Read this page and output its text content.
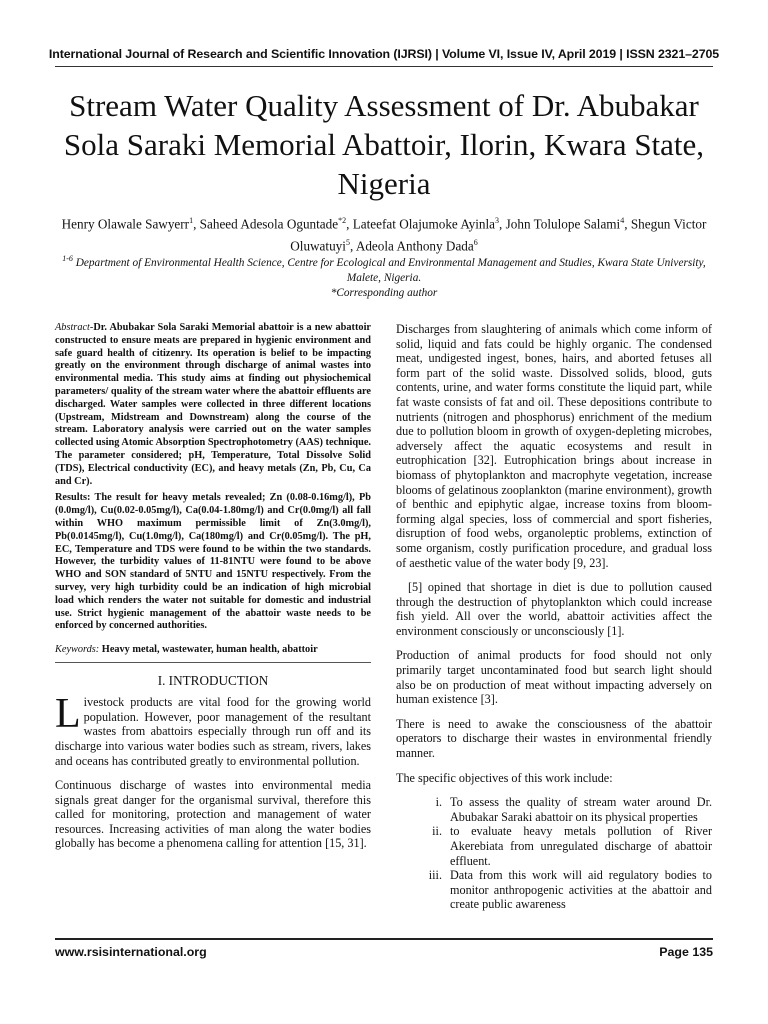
International Journal of Research and Scientific Innovation (IJRSI) | Volume VI, Issue IV, April 2019 | ISSN 2321–2705
Stream Water Quality Assessment of Dr. Abubakar Sola Saraki Memorial Abattoir, Ilorin, Kwara State, Nigeria
Henry Olawale Sawyerr$^1$, Saheed Adesola Oguntade$^{*2}$, Lateefat Olajumoke Ayinla$^3$, John Tolulope Salami$^4$, Shegun Victor Oluwatuyi$^5$, Adeola Anthony Dada$^6$
$^{1-6}$ Department of Environmental Health Science, Centre for Ecological and Environmental Management and Studies, Kwara State University, Malete, Nigeria.
*Corresponding author
Abstract-Dr. Abubakar Sola Saraki Memorial abattoir is a new abattoir constructed to ensure meats are prepared in hygienic environment and safe guard health of citizenry. Its operation is belief to be impacting greatly on the environment through discharge of animal wastes into environmental media. This study aims at finding out physiochemical parameters/ quality of the stream water where the abattoir effluents are discharged. Water samples were collected in three different locations (Upstream, Midstream and Downstream) along the course of the stream. Laboratory analysis were carried out on the water samples collected using Atomic Absorption Spectrophotometry (AAS) technique. The parameter considered; pH, Temperature, Total Dissolve Solid (TDS), Electrical conductivity (EC), and heavy metals (Zn, Pb, Cu, Ca and Cr).
Results: The result for heavy metals revealed; Zn (0.08-0.16mg/l), Pb (0.0mg/l), Cu(0.02-0.05mg/l), Ca(0.04-1.80mg/l) and Cr(0.0mg/l) all fall within WHO maximum permissible limit of Zn(3.0mg/l), Pb(0.0145mg/l), Cu(1.0mg/l), Ca(180mg/l) and Cr(0.05mg/l). The pH, EC, Temperature and TDS were found to be within the two standards. However, the turbidity values of 11-81NTU were found to be above WHO and SON standard of 5NTU and 15NTU respectively. From the survey, very high turbidity could be an indication of high microbial load which renders the water not suitable for domestic and industrial use. Strict hygienic management of the abattoir waste needs to be enforced by concerned authorities.
Keywords: Heavy metal, wastewater, human health, abattoir
I. INTRODUCTION

Livestock products are vital food for the growing world population. However, poor management of the resultant wastes from abattoirs especially through run off and its discharge into various water bodies such as stream, rivers, lakes and oceans has contributed greatly to environmental pollution.

Continuous discharge of wastes into environmental media signals great danger for the organismal survival, therefore this called for monitoring, protection and management of water resources. Increasing activities of man along the water bodies globally has become a phenomena calling for attention [15, 31].

Discharges from slaughtering of animals which come inform of solid, liquid and fats could be highly organic. The condensed meat, undigested ingest, bones, hairs, and aborted fetuses all form part of the solid waste. Dissolved solids, blood, guts contents, urine, and water forms constitute the liquid part, while fat waste consists of fat and oil. These depositions contribute to nutrients (nitrogen and phosphorus) enrichment of the medium due to pollution bloom in growth of oxygen-depleting microbes, adversely affect the aquatic ecosystems and result in eutrophication [32]. Eutrophication brings about increase in biomass of phytoplankton and macrophyte vegetation, increase blooms of gelatinous zooplankton (marine environment), growth of benthic and epiphytic algae, increase toxins from bloom-forming algal species, loss of commercial and sport fisheries, disruption of food webs, organoleptic problems, extinction of some organism, costly purification procedure, and gradual loss of aesthetic value of the water body [9, 23].

[5] opined that shortage in diet is due to pollution caused through the destruction of phytoplankton which could increase fish yield. All over the world, abattoir activities affect the environment consciously or unconsciously [1].

Production of animal products for food should not only primarily target uncontaminated food but search light should also be on production of meat without impacting adversely on human existence [3].

There is need to awake the consciousness of the abattoir operators to discharge their wastes in environmental friendly manner.

The specific objectives of this work include:

i. To assess the quality of stream water around Dr. Abubakar Saraki abattoir on its physical properties
ii. to evaluate heavy metals pollution of River Akerebiata from unregulated discharge of abattoir effluent.
iii. Data from this work will aid regulatory bodies to monitor anthropogenic activities at the abattoir and create public awareness
www.rsisinternational.org	Page 135
